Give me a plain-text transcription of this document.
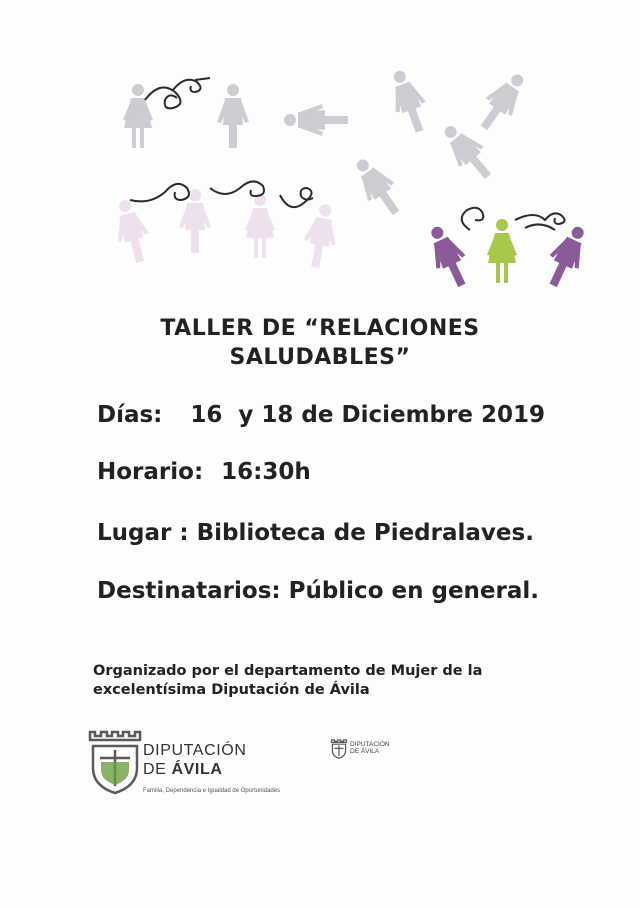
TALLER DE “RELACIONES
SALUDABLES”
Días: 16  y 18 de Diciembre 2019
Horario: 16:30h
Lugar : Biblioteca de Piedralaves.
Destinatarios: Público en general.
Organizado por el departamento de Mujer de la
excelentísima Diputación de Ávila
DIPUTACIÓN
DE ÁVILA
Familia, Dependencia e Igualdad de Oportunidades
DIPUTACIÓN
DE ÁVILA
